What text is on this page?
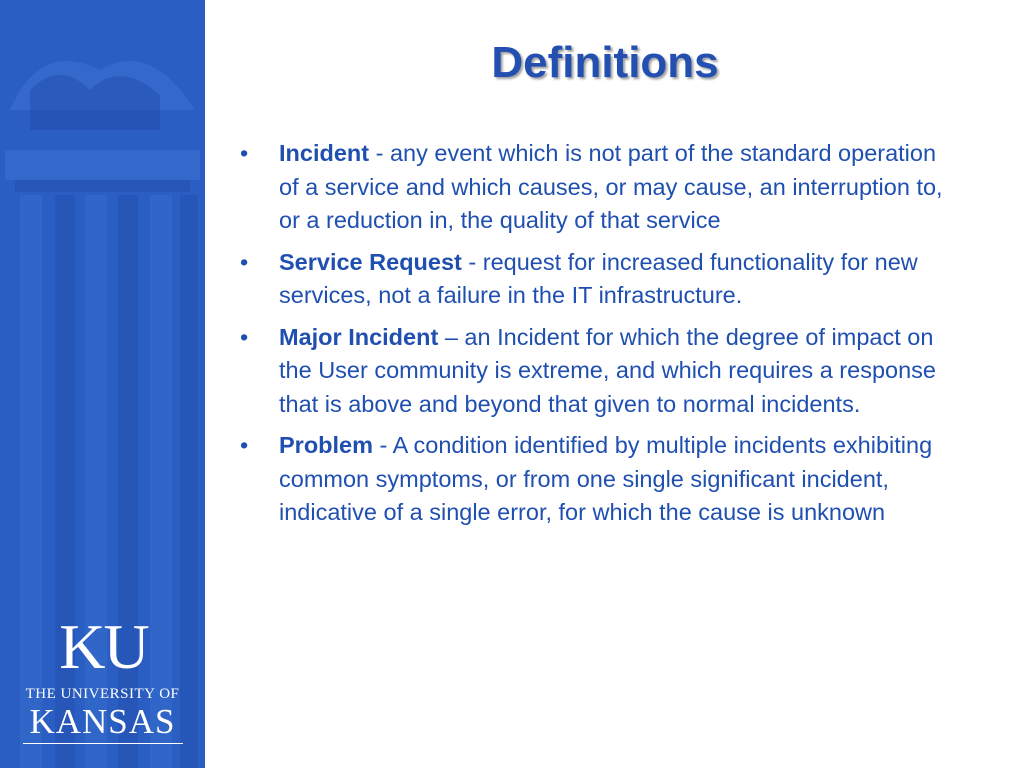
KU
THE UNIVERSITY OF
KANSAS
Definitions
• Incident - any event which is not part of the standard operation of a service and which causes, or may cause, an interruption to, or a reduction in, the quality of that service
• Service Request - request for increased functionality for new services, not a failure in the IT infrastructure.
• Major Incident – an Incident for which the degree of impact on the User community is extreme, and which requires a response that is above and beyond that given to normal incidents.
• Problem - A condition identified by multiple incidents exhibiting common symptoms, or from one single significant incident, indicative of a single error, for which the cause is unknown
